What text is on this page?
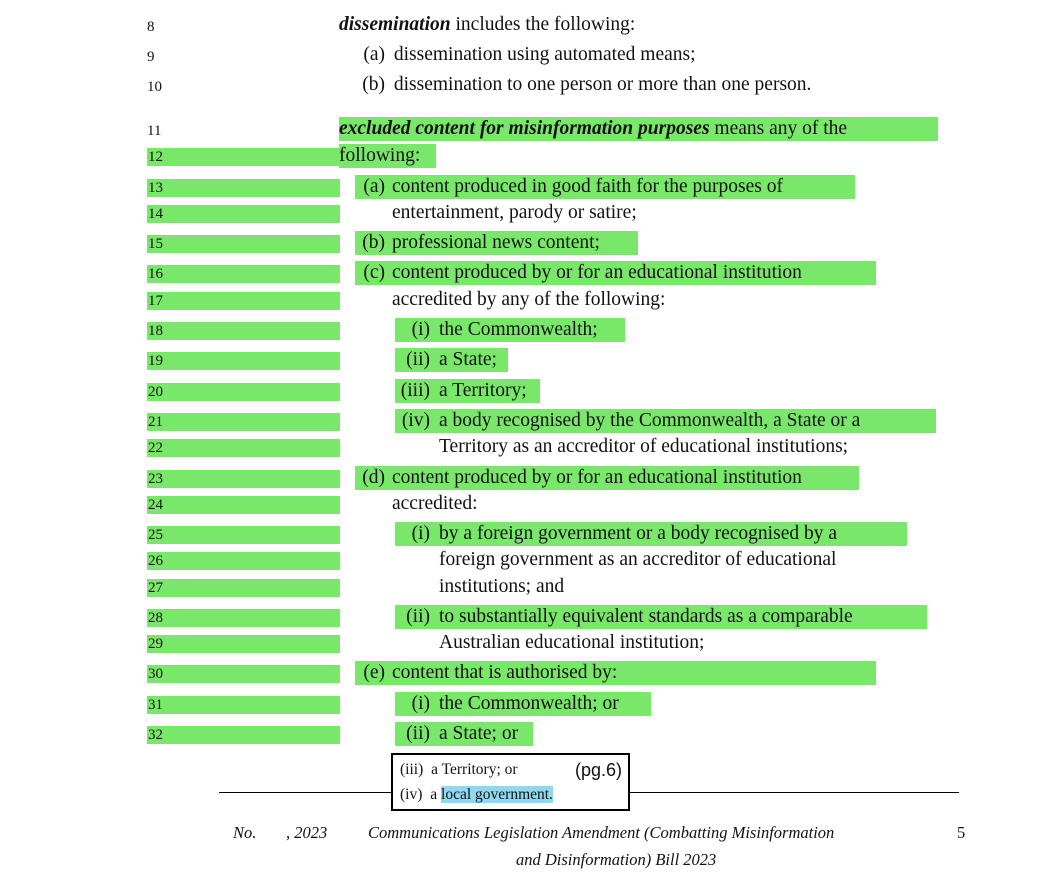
8
9
10
11
12
13
14
15
16
17
18
19
20
21
22
23
24
25
26
27
28
29
30
31
32
dissemination includes the following:
(a) dissemination using automated means;
(b) dissemination to one person or more than one person.
excluded content for misinformation purposes means any of the
following:
(a) content produced in good faith for the purposes of
entertainment, parody or satire;
(b) professional news content;
(c) content produced by or for an educational institution
accredited by any of the following:
(i) the Commonwealth;
(ii) a State;
(iii) a Territory;
(iv) a body recognised by the Commonwealth, a State or a
Territory as an accreditor of educational institutions;
(d) content produced by or for an educational institution
accredited:
(i) by a foreign government or a body recognised by a
foreign government as an accreditor of educational
institutions; and
(ii) to substantially equivalent standards as a comparable
Australian educational institution;
(e) content that is authorised by:
(i) the Commonwealth; or
(ii) a State; or
(iii) a Territory; or
(iv) a local government.
(pg.6)
No. , 2023 Communications Legislation Amendment (Combatting Misinformation
and Disinformation) Bill 2023
5
